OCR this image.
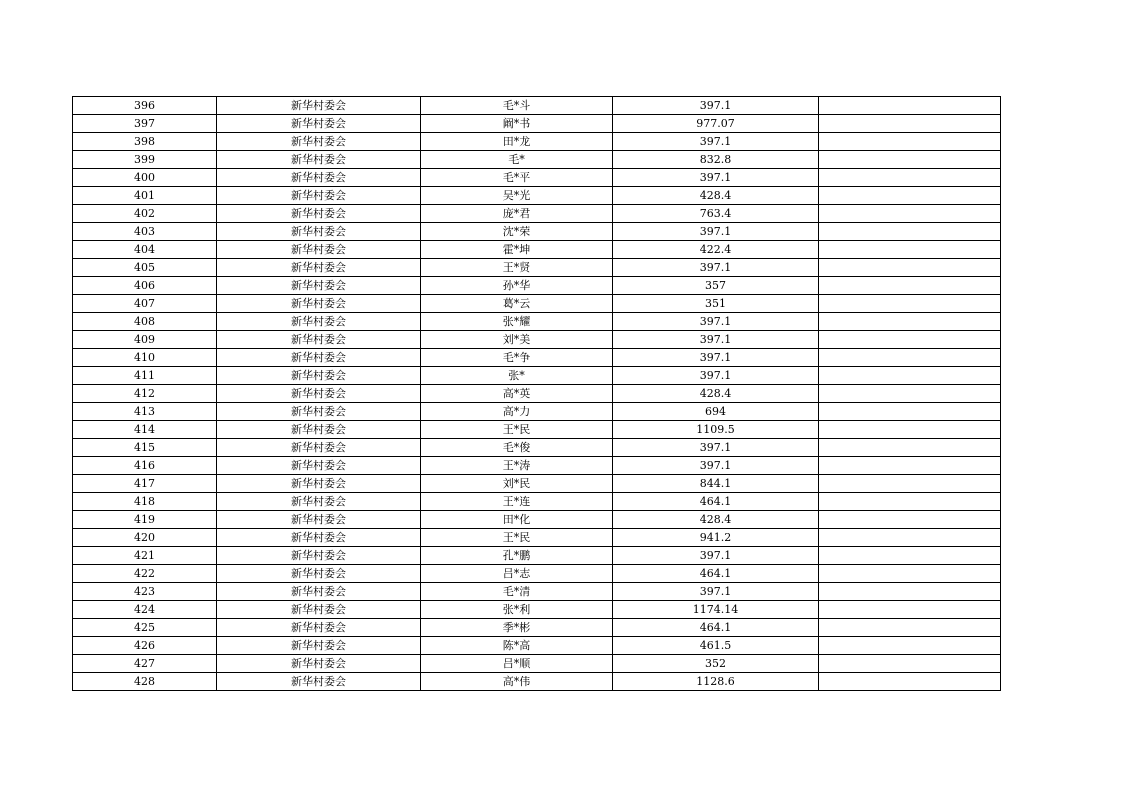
396	新华村委会	毛*斗	397.1	
397	新华村委会	阚*书	977.07	
398	新华村委会	田*龙	397.1	
399	新华村委会	毛*	832.8	
400	新华村委会	毛*平	397.1	
401	新华村委会	吴*光	428.4	
402	新华村委会	庞*君	763.4	
403	新华村委会	沈*荣	397.1	
404	新华村委会	霍*坤	422.4	
405	新华村委会	王*贤	397.1	
406	新华村委会	孙*华	357	
407	新华村委会	葛*云	351	
408	新华村委会	张*耀	397.1	
409	新华村委会	刘*美	397.1	
410	新华村委会	毛*争	397.1	
411	新华村委会	张*	397.1	
412	新华村委会	高*英	428.4	
413	新华村委会	高*力	694	
414	新华村委会	王*民	1109.5	
415	新华村委会	毛*俊	397.1	
416	新华村委会	王*涛	397.1	
417	新华村委会	刘*民	844.1	
418	新华村委会	王*连	464.1	
419	新华村委会	田*化	428.4	
420	新华村委会	王*民	941.2	
421	新华村委会	孔*鹏	397.1	
422	新华村委会	吕*志	464.1	
423	新华村委会	毛*清	397.1	
424	新华村委会	张*利	1174.14	
425	新华村委会	季*彬	464.1	
426	新华村委会	陈*高	461.5	
427	新华村委会	吕*顺	352	
428	新华村委会	高*伟	1128.6	
